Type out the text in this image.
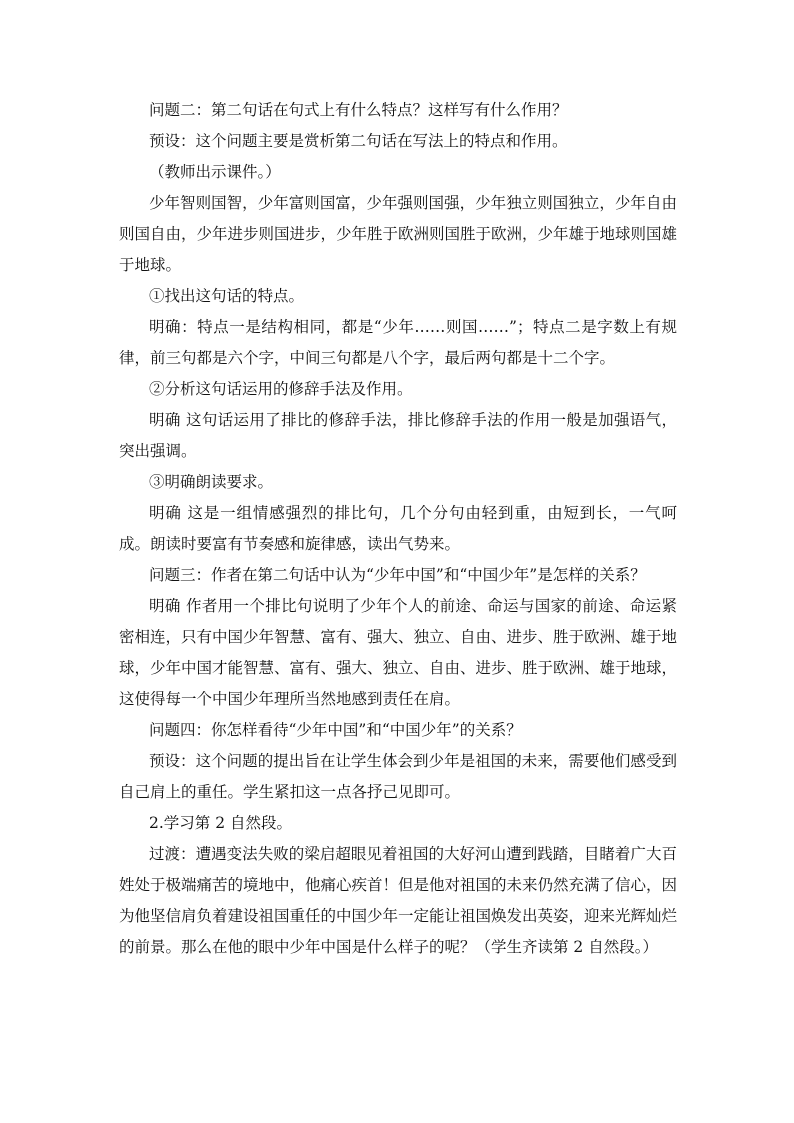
问题二：第二句话在句式上有什么特点？这样写有什么作用？

预设：这个问题主要是赏析第二句话在写法上的特点和作用。

（教师出示课件。）

少年智则国智，少年富则国富，少年强则国强，少年独立则国独立，少年自由则国自由，少年进步则国进步，少年胜于欧洲则国胜于欧洲，少年雄于地球则国雄于地球。

①找出这句话的特点。

明确：特点一是结构相同，都是“少年……则国……”；特点二是字数上有规律，前三句都是六个字，中间三句都是八个字，最后两句都是十二个字。

②分析这句话运用的修辞手法及作用。

明确 这句话运用了排比的修辞手法，排比修辞手法的作用一般是加强语气，突出强调。

③明确朗读要求。

明确 这是一组情感强烈的排比句，几个分句由轻到重，由短到长，一气呵成。朗读时要富有节奏感和旋律感，读出气势来。

问题三：作者在第二句话中认为“少年中国”和“中国少年”是怎样的关系？

明确 作者用一个排比句说明了少年个人的前途、命运与国家的前途、命运紧密相连，只有中国少年智慧、富有、强大、独立、自由、进步、胜于欧洲、雄于地球，少年中国才能智慧、富有、强大、独立、自由、进步、胜于欧洲、雄于地球，这使得每一个中国少年理所当然地感到责任在肩。

问题四：你怎样看待“少年中国”和“中国少年”的关系？

预设：这个问题的提出旨在让学生体会到少年是祖国的未来，需要他们感受到自己肩上的重任。学生紧扣这一点各抒己见即可。

2.学习第 2 自然段。

过渡：遭遇变法失败的梁启超眼见着祖国的大好河山遭到践踏，目睹着广大百姓处于极端痛苦的境地中，他痛心疾首！但是他对祖国的未来仍然充满了信心，因为他坚信肩负着建设祖国重任的中国少年一定能让祖国焕发出英姿，迎来光辉灿烂的前景。那么在他的眼中少年中国是什么样子的呢？（学生齐读第 2 自然段。）
